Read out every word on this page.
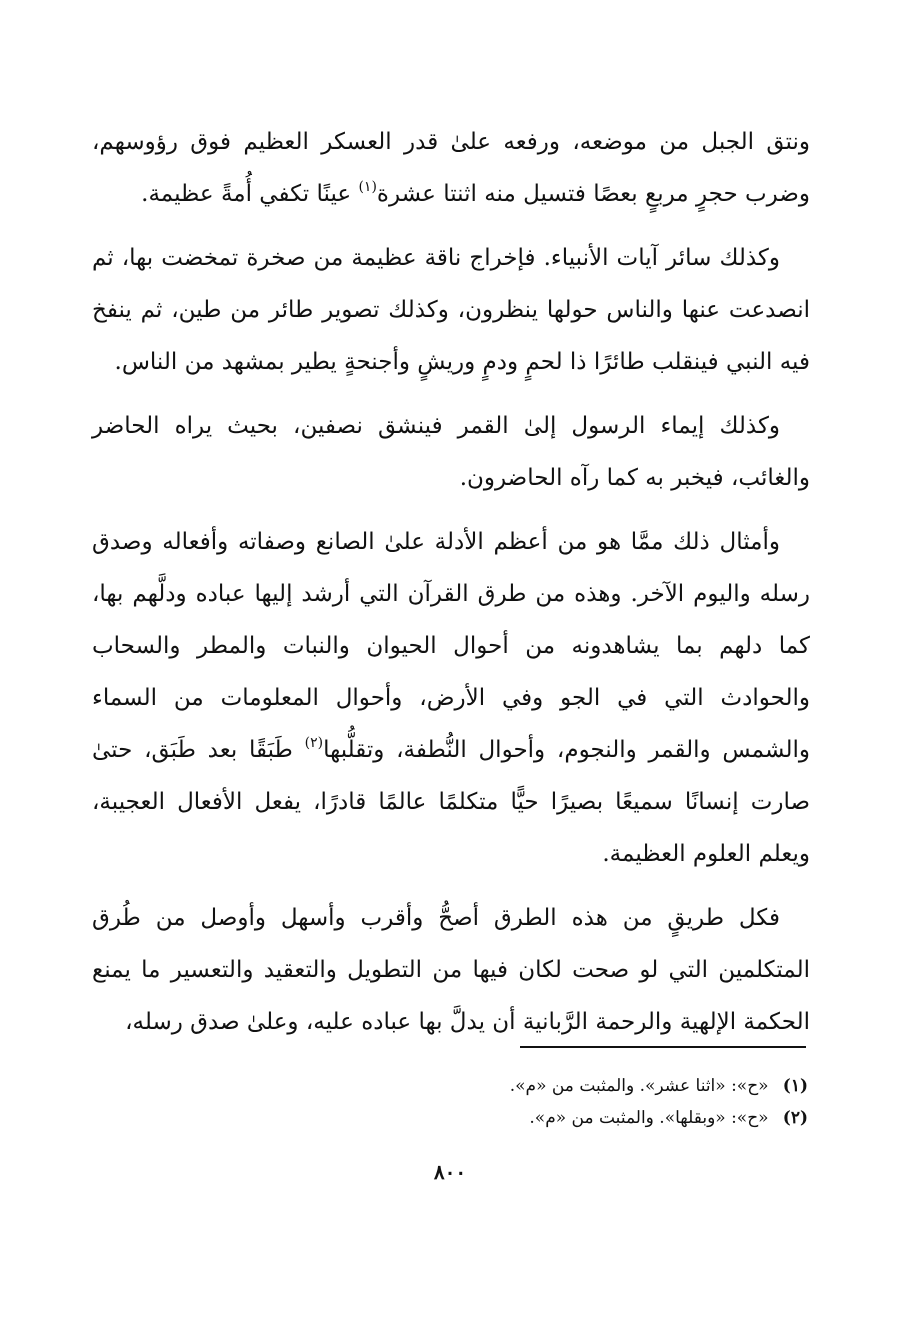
ونتق الجبل من موضعه، ورفعه علىٰ قدر العسكر العظيم فوق رؤوسهم، وضرب حجرٍ مربعٍ بعصًا فتسيل منه اثنتا عشرة$^{(١)}$ عينًا تكفي أُمةً عظيمة.

وكذلك سائر آيات الأنبياء. فإخراج ناقة عظيمة من صخرة تمخضت بها، ثم انصدعت عنها والناس حولها ينظرون، وكذلك تصوير طائر من طين، ثم ينفخ فيه النبي فينقلب طائرًا ذا لحمٍ ودمٍ وريشٍ وأجنحةٍ يطير بمشهد من الناس.

وكذلك إيماء الرسول إلىٰ القمر فينشق نصفين، بحيث يراه الحاضر والغائب، فيخبر به كما رآه الحاضرون.

وأمثال ذلك ممَّا هو من أعظم الأدلة علىٰ الصانع وصفاته وأفعاله وصدق رسله واليوم الآخر. وهذه من طرق القرآن التي أرشد إليها عباده ودلَّهم بها، كما دلهم بما يشاهدونه من أحوال الحيوان والنبات والمطر والسحاب والحوادث التي في الجو وفي الأرض، وأحوال المعلومات من السماء والشمس والقمر والنجوم، وأحوال النُّطفة، وتقلُّبها$^{(٢)}$ طَبَقًا بعد طَبَق، حتىٰ صارت إنسانًا سميعًا بصيرًا حيًّا متكلمًا عالمًا قادرًا، يفعل الأفعال العجيبة، ويعلم العلوم العظيمة.

فكل طريقٍ من هذه الطرق أصحُّ وأقرب وأسهل وأوصل من طُرق المتكلمين التي لو صحت لكان فيها من التطويل والتعقيد والتعسير ما يمنع الحكمة الإلهية والرحمة الرَّبانية أن يدلَّ بها عباده عليه، وعلىٰ صدق رسله،

(١) «ح»: «اثنا عشر». والمثبت من «م».

(٢) «ح»: «وبقلها». والمثبت من «م».

٨٠٠
